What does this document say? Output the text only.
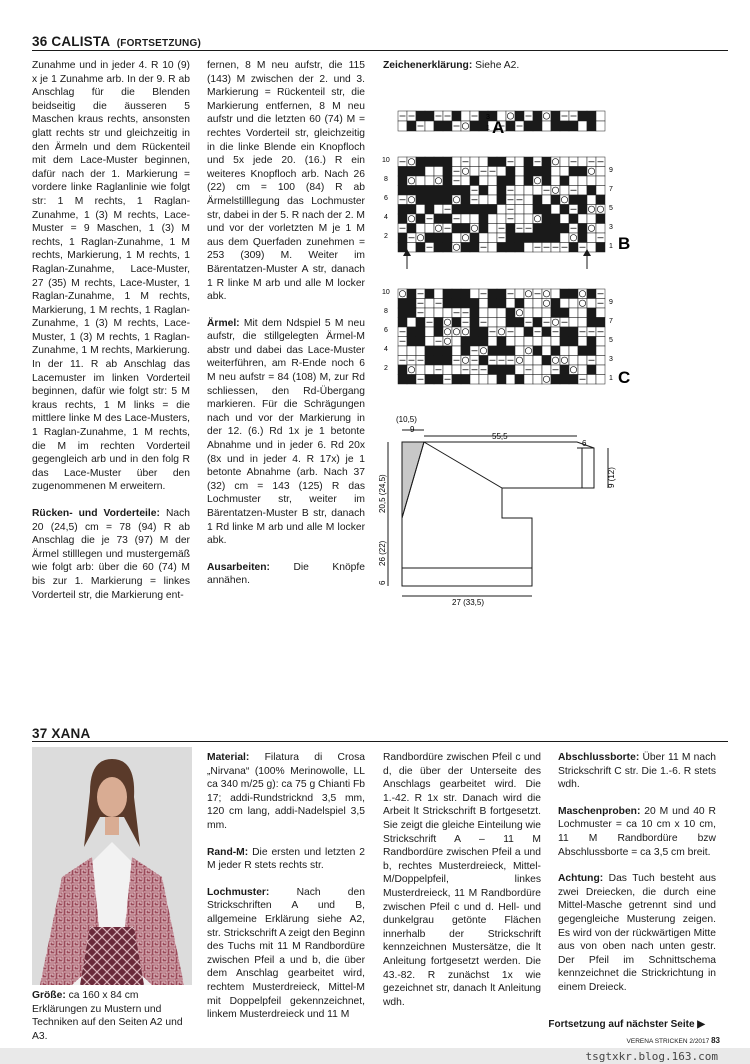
36 CALISTA (FORTSETZUNG)

Zunahme und in jeder 4. R 10 (9) x je 1 Zunahme arb. In der 9. R ab Anschlag für die Blenden beidseitig die äusseren 5 Maschen kraus rechts, ansonsten glatt rechts str und gleichzeitig in den Ärmeln und dem Rückenteil mit dem Lace-Muster beginnen, dafür nach der 1. Markierung = vordere linke Raglanlinie wie folgt str: 1 M rechts, 1 Raglan-Zunahme, 1 (3) M rechts, Lace-Muster = 9 Maschen, 1 (3) M rechts, 1 Raglan-Zunahme, 1 M rechts, Markierung, 1 M rechts, 1 Raglan-Zunahme, Lace-Muster, 27 (35) M rechts, Lace-Muster, 1 Raglan-Zunahme, 1 M rechts, Markierung, 1 M rechts, 1 Raglan-Zunahme, 1 (3) M rechts, Lace-Muster, 1 (3) M rechts, 1 Raglan-Zunahme, 1 M rechts, Markierung. In der 11. R ab Anschlag das Lacemuster im linken Vorderteil beginnen, dafür wie folgt str: 5 M kraus rechts, 1 M links = die mittlere linke M des Lace-Musters, 1 Raglan-Zunahme, 1 M rechts, die M im rechten Vorderteil gegengleich arb und in den folg R das Lace-Muster über den zugenommenen M erweitern.

Rücken- und Vorderteile: Nach 20 (24,5) cm = 78 (94) R ab Anschlag die je 73 (97) M der Ärmel stilllegen und mustergemäß wie folgt arb: über die 60 (74) M bis zur 1. Markierung = linkes Vorderteil str, die Markierung ent-

fernen, 8 M neu aufstr, die 115 (143) M zwischen der 2. und 3. Markierung = Rückenteil str, die Markierung entfernen, 8 M neu aufstr und die letzten 60 (74) M = rechtes Vorderteil str, gleichzeitig in die linke Blende ein Knopfloch und 5x jede 20. (16.) R ein weiteres Knopfloch arb. Nach 26 (22) cm = 100 (84) R ab Ärmelstilllegung das Lochmuster str, dabei in der 5. R nach der 2. M und vor der vorletzten M je 1 M aus dem Querfaden zunehmen = 253 (309) M. Weiter im Bärentatzen-Muster A str, danach 1 R linke M arb und alle M locker abk.

Ärmel: Mit dem Ndspiel 5 M neu aufstr, die stillgelegten Ärmel-M abstr und dabei das Lace-Muster weiterführen, am R-Ende noch 6 M neu aufstr = 84 (108) M, zur Rd schliessen, den Rd-Übergang markieren. Für die Schrägungen nach und vor der Markierung in der 12. (6.) Rd 1x je 1 betonte Abnahme und in jeder 6. Rd 20x (8x und in jeder 4. R 17x) je 1 betonte Abnahme (arb. Nach 37 (32) cm = 143 (125) R das Lochmuster str, weiter im Bärentatzen-Muster B str, danach 1 Rd linke M arb und alle M locker abk.

Ausarbeiten: Die Knöpfe annähen.

Zeichenerklärung: Siehe A2.
A
3
1
10
8
6
4
2
9
7
5
3
1 B
10
8
6
4
2
9
7
5
3
1 C
(10,5)
9
55,5
6
9 (12)
20,5 (24,5)
26 (22)
6
27 (33,5)
37 XANA

Größe: ca 160 x 84 cm

Erklärungen zu Mustern und Techniken auf den Seiten A2 und A3.

Material: Filatura di Crosa „Nirvana“ (100% Merinowolle, LL ca 340 m/25 g): ca 75 g Chianti Fb 17; addi-Rundstricknd 3,5 mm, 120 cm lang, addi-Nadelspiel 3,5 mm.

Rand-M: Die ersten und letzten 2 M jeder R stets rechts str.

Lochmuster:	Nach den Strickschriften A und B, allgemeine Erklärung siehe A2, str. Strickschrift A zeigt den Beginn des Tuchs mit 11 M Randbordüre zwischen Pfeil a und b, die über dem Anschlag gearbeitet wird, rechtem Musterdreieck, Mittel-M mit Doppelpfeil gekennzeichnet, linkem Musterdreieck und 11 M

Randbordüre zwischen Pfeil c und d, die über der Unterseite des Anschlags gearbeitet wird. Die 1.-42. R 1x str. Danach wird die Arbeit lt Strickschrift B fortgesetzt. Sie zeigt die gleiche Einteilung wie Strickschrift A – 11 M Randbordüre zwischen Pfeil a und b, rechtes Musterdreieck, Mittel-M/Doppelpfeil, linkes Musterdreieck, 11 M Randbordüre zwischen Pfeil c und d. Hell- und dunkelgrau getönte Flächen innerhalb der Strickschrift kennzeichnen Mustersätze, die lt Anleitung fortgesetzt werden. Die 43.-82. R zunächst 1x wie gezeichnet str, danach lt Anleitung wdh.

Abschlussborte: Über 11 M nach Strickschrift C str. Die 1.-6. R stets wdh.

Maschenproben: 20 M und 40 R Lochmuster = ca 10 cm x 10 cm, 11 M Randbordüre bzw Abschlussborte = ca 3,5 cm breit.

Achtung: Das Tuch besteht aus zwei Dreiecken, die durch eine Mittel-Masche getrennt sind und gegengleiche Musterung zeigen. Es wird von der rückwärtigen Mitte aus von oben nach unten gestr. Der Pfeil im Schnittschema kennzeichnet die Strickrichtung in einem Dreieck.

Fortsetzung auf nächster Seite ▶
VERENA STRICKEN 2/2017 83
tsgtxkr.blog.163.com
